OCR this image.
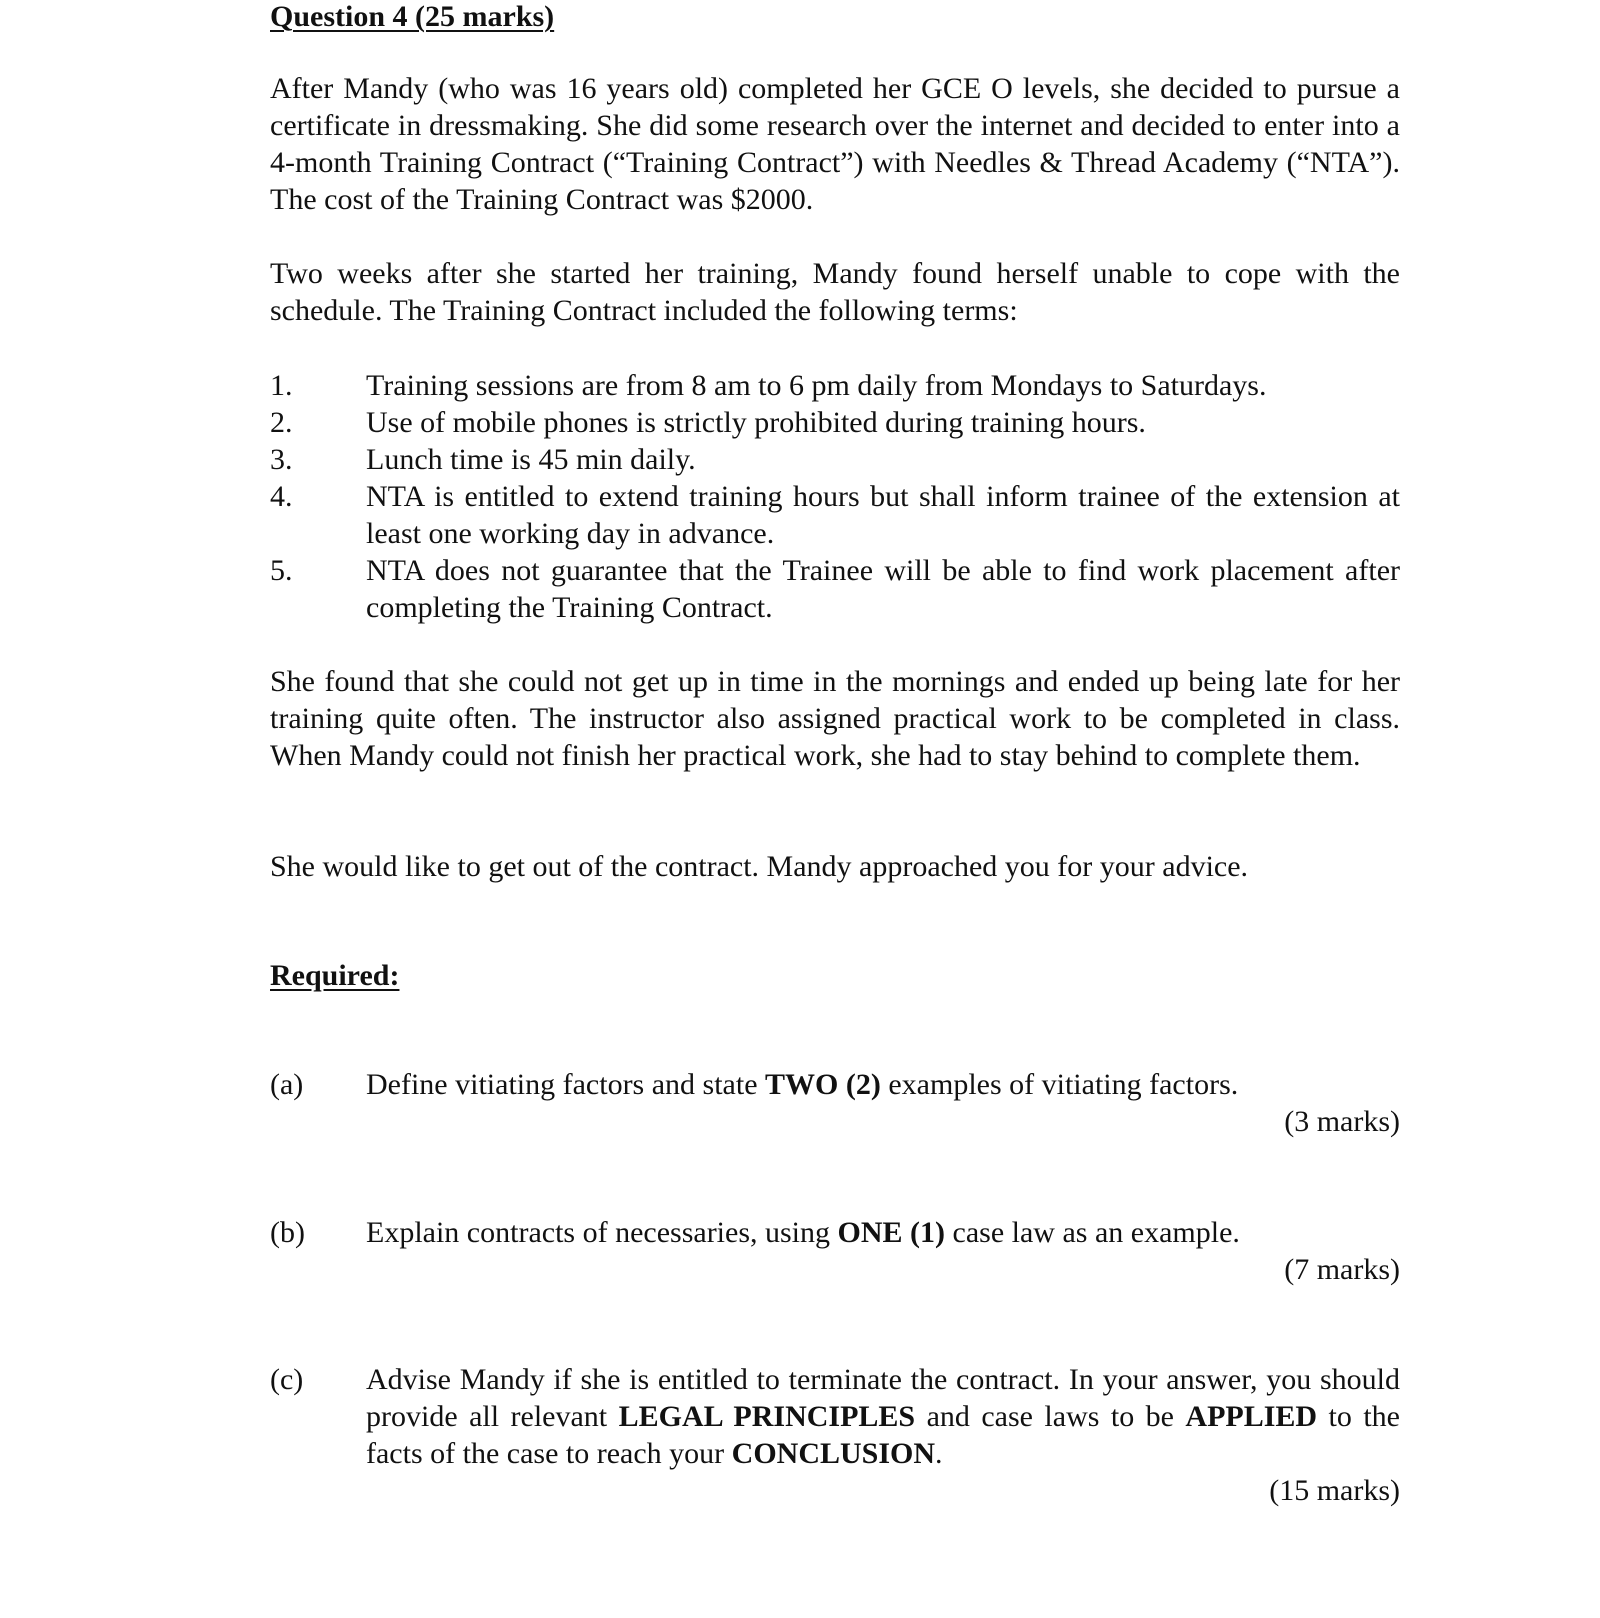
Question 4 (25 marks)
After Mandy (who was 16 years old) completed her GCE O levels, she decided to pursue a certificate in dressmaking. She did some research over the internet and decided to enter into a 4-month Training Contract (“Training Contract”) with Needles & Thread Academy (“NTA”). The cost of the Training Contract was $2000.
Two weeks after she started her training, Mandy found herself unable to cope with the schedule. The Training Contract included the following terms:
1.	Training sessions are from 8 am to 6 pm daily from Mondays to Saturdays.
2.	Use of mobile phones is strictly prohibited during training hours.
3.	Lunch time is 45 min daily.
4.	NTA is entitled to extend training hours but shall inform trainee of the extension at least one working day in advance.
5.	NTA does not guarantee that the Trainee will be able to find work placement after completing the Training Contract.
She found that she could not get up in time in the mornings and ended up being late for her training quite often. The instructor also assigned practical work to be completed in class. When Mandy could not finish her practical work, she had to stay behind to complete them.
She would like to get out of the contract. Mandy approached you for your advice.
Required:
(a)	Define vitiating factors and state TWO (2) examples of vitiating factors.
(3 marks)
(b)	Explain contracts of necessaries, using ONE (1) case law as an example.
(7 marks)
(c)	Advise Mandy if she is entitled to terminate the contract. In your answer, you should provide all relevant LEGAL PRINCIPLES and case laws to be APPLIED to the facts of the case to reach your CONCLUSION.
(15 marks)
